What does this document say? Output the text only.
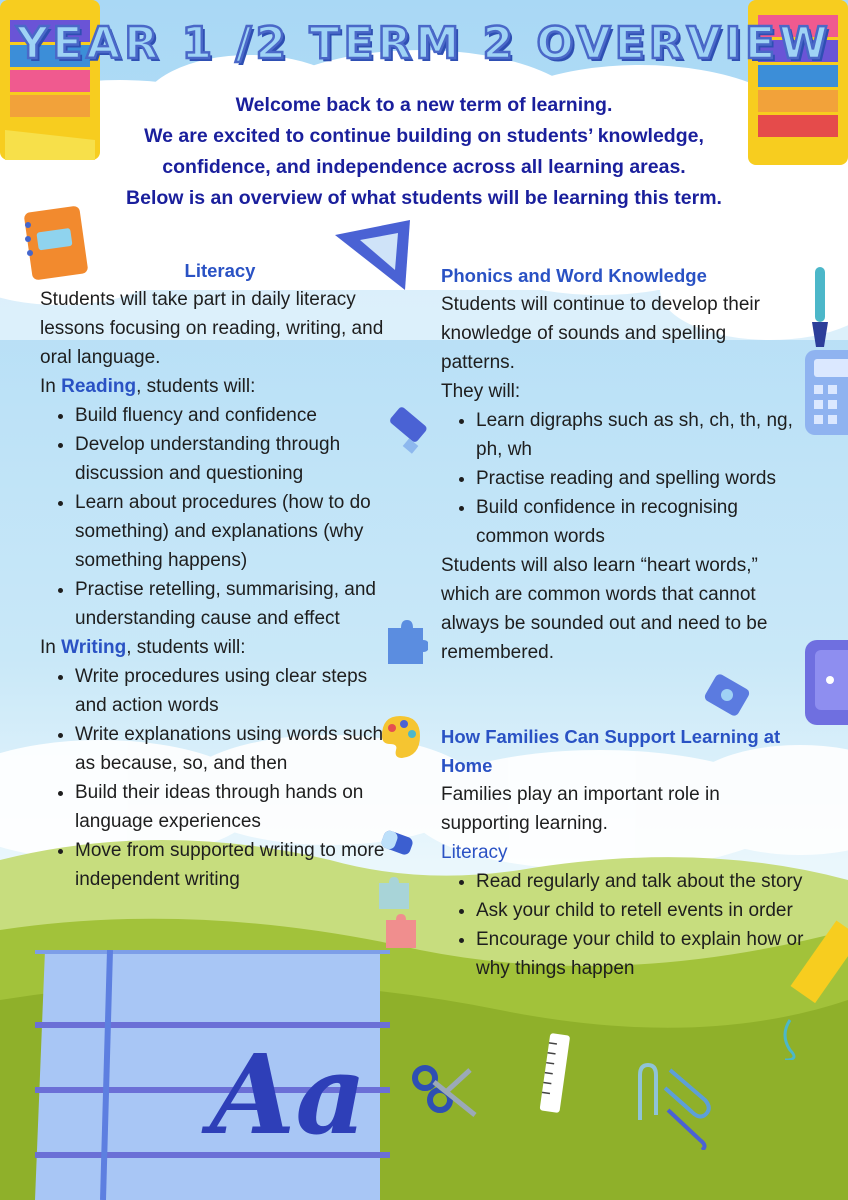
Aa
YEAR 1 /2 TERM 2 OVERVIEW
Welcome back to a new term of learning.
We are excited to continue building on students’ knowledge,
confidence, and independence across all learning areas.
Below is an overview of what students will be learning this term.

Literacy

Students will take part in daily literacy lessons focusing on reading, writing, and oral language.

In Reading, students will:

• Build fluency and confidence
• Develop understanding through discussion and questioning
• Learn about procedures (how to do something) and explanations (why something happens)
• Practise retelling, summarising, and understanding cause and effect

In Writing, students will:

• Write procedures using clear steps and action words
• Write explanations using words such as because, so, and then
• Build their ideas through hands on language experiences
• Move from supported writing to more independent writing

Phonics and Word Knowledge

Students will continue to develop their knowledge of sounds and spelling patterns.

They will:

• Learn digraphs such as sh, ch, th, ng, ph, wh
• Practise reading and spelling words
• Build confidence in recognising common words

Students will also learn “heart words,” which are common words that cannot always be sounded out and need to be remembered.

How Families Can Support Learning at Home

Families play an important role in supporting learning.

Literacy

• Read regularly and talk about the story
• Ask your child to retell events in order
• Encourage your child to explain how or why things happen
